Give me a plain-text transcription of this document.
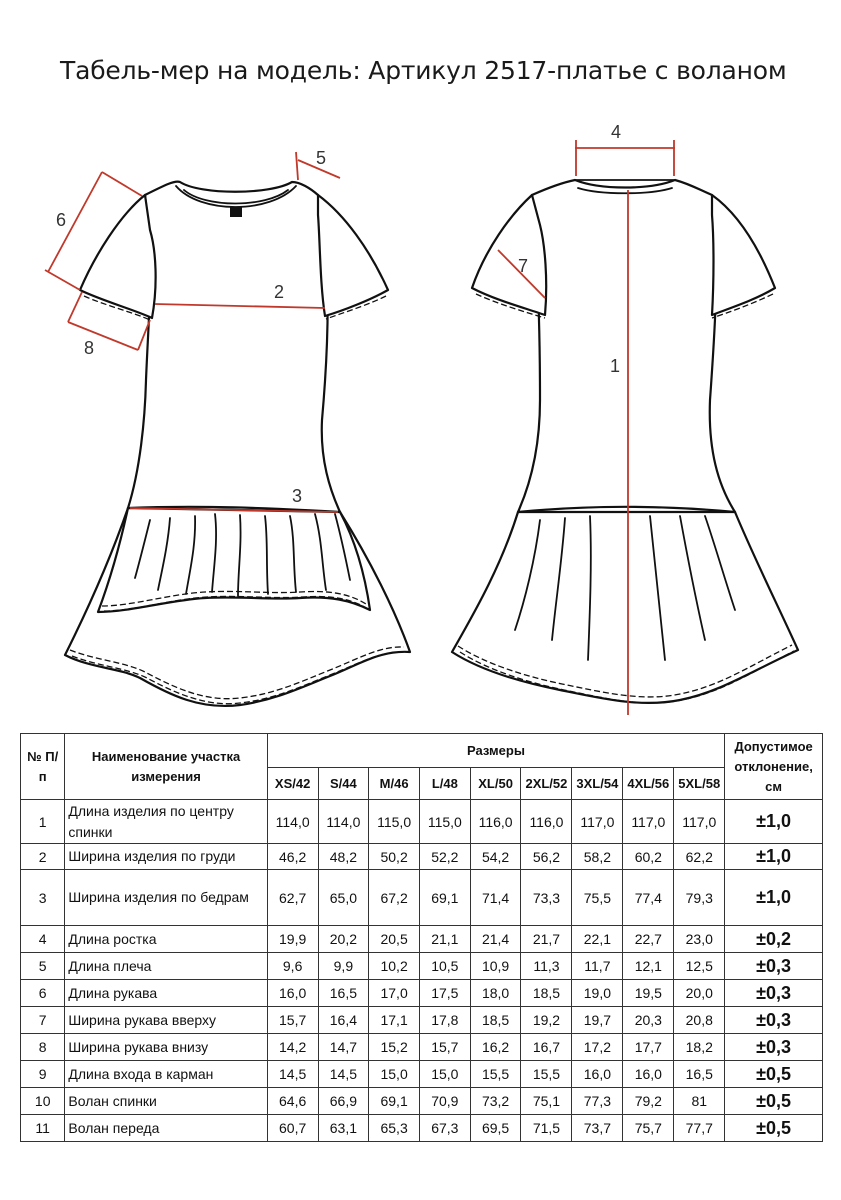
Табель-мер на модель: Артикул 2517-платье с воланом
1
2
3
4
5
6
7
8
№ П/п	Наименование участка измерения	Размеры									Допустимое отклонение, см
		XS/42	S/44	M/46	L/48	XL/50	2XL/52	3XL/54	4XL/56	5XL/58	
1	Длина изделия по центру спинки	114,0	114,0	115,0	115,0	116,0	116,0	117,0	117,0	117,0	±1,0
2	Ширина изделия по груди	46,2	48,2	50,2	52,2	54,2	56,2	58,2	60,2	62,2	±1,0
3	Ширина изделия по бедрам	62,7	65,0	67,2	69,1	71,4	73,3	75,5	77,4	79,3	±1,0
4	Длина ростка	19,9	20,2	20,5	21,1	21,4	21,7	22,1	22,7	23,0	±0,2
5	Длина плеча	9,6	9,9	10,2	10,5	10,9	11,3	11,7	12,1	12,5	±0,3
6	Длина рукава	16,0	16,5	17,0	17,5	18,0	18,5	19,0	19,5	20,0	±0,3
7	Ширина рукава вверху	15,7	16,4	17,1	17,8	18,5	19,2	19,7	20,3	20,8	±0,3
8	Ширина рукава внизу	14,2	14,7	15,2	15,7	16,2	16,7	17,2	17,7	18,2	±0,3
9	Длина входа в карман	14,5	14,5	15,0	15,0	15,5	15,5	16,0	16,0	16,5	±0,5
10	Волан спинки	64,6	66,9	69,1	70,9	73,2	75,1	77,3	79,2	81	±0,5
11	Волан переда	60,7	63,1	65,3	67,3	69,5	71,5	73,7	75,7	77,7	±0,5
